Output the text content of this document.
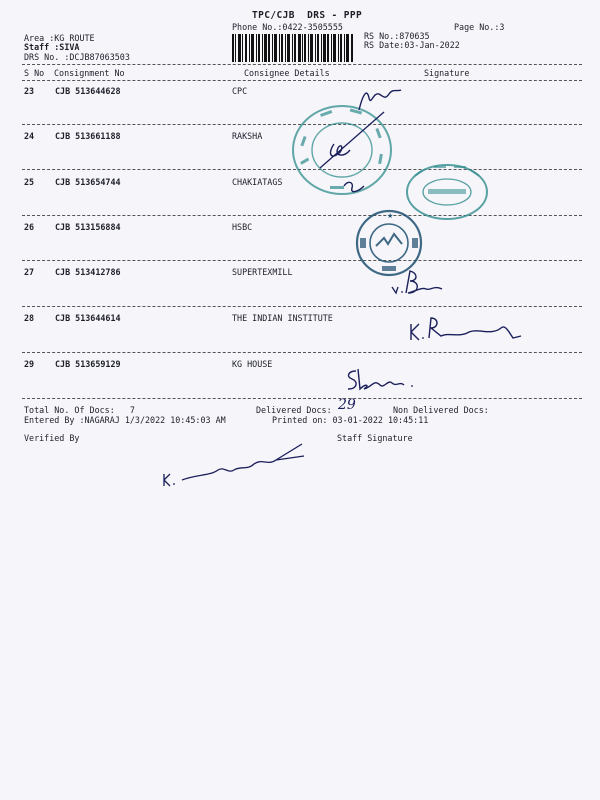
TPC/CJB  DRS - PPP
Phone No.:0422-3505555	Page No.:3
Area :KG ROUTE
Staff :SIVA
DRS No. :DCJB87063503
RS No.:870635
RS Date:03-Jan-2022
S No Consignment No	Consignee Details	Signature
23 CJB 513644628	CPC
24 CJB 513661188	RAKSHA
25 CJB 513654744	CHAKIATAGS
26 CJB 513156884	HSBC
27 CJB 513412786	SUPERTEXMILL
28 CJB 513644614	THE INDIAN INSTITUTE
29 CJB 513659129	KG HOUSE
Total No. Of Docs:   7	Delivered Docs: 29	Non Delivered Docs:
Entered By :NAGARAJ 1/3/2022 10:45:03 AM	Printed on: 03-01-2022 10:45:11
Verified By	Staff Signature
★
